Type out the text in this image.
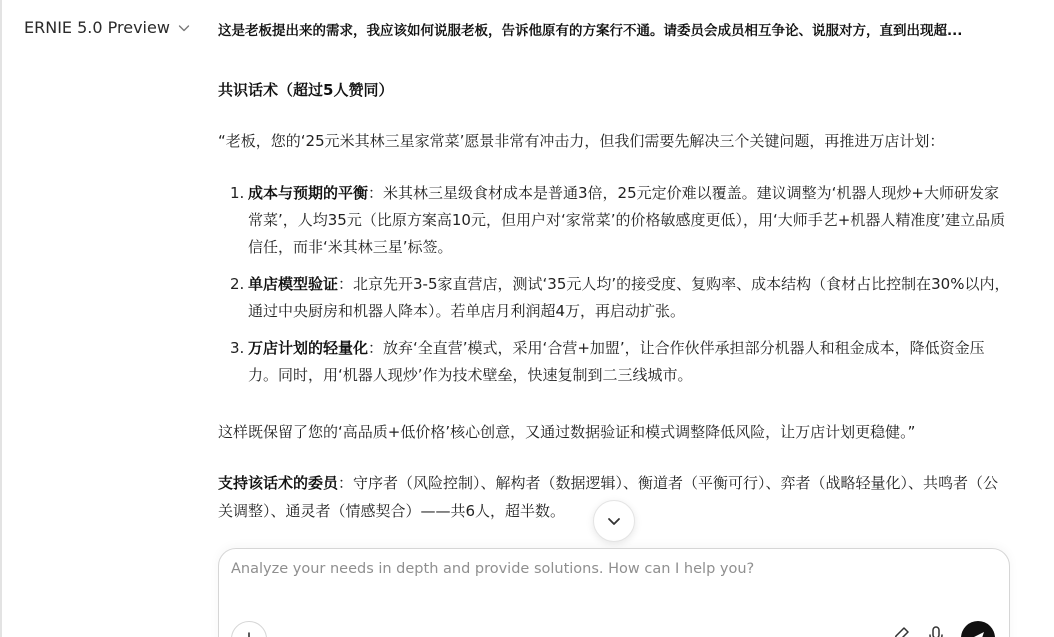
ERNIE 5.0 Preview	这是老板提出来的需求，我应该如何说服老板，告诉他原有的方案行不通。请委员会成员相互争论、说服对方，直到出现超...
共识话术（超过5人赞同）
“老板，您的‘25元米其林三星家常菜’愿景非常有冲击力，但我们需要先解决三个关键问题，再推进万店计划：
1. 成本与预期的平衡：米其林三星级食材成本是普通3倍，25元定价难以覆盖。建议调整为‘机器人现炒+大师研发家常菜’，人均35元（比原方案高10元，但用户对‘家常菜’的价格敏感度更低），用‘大师手艺+机器人精准度’建立品质信任，而非‘米其林三星’标签。
2. 单店模型验证：北京先开3-5家直营店，测试‘35元人均’的接受度、复购率、成本结构（食材占比控制在30%以内，通过中央厨房和机器人降本）。若单店月利润超4万，再启动扩张。
3. 万店计划的轻量化：放弃‘全直营’模式，采用‘合营+加盟’，让合作伙伴承担部分机器人和租金成本，降低资金压力。同时，用‘机器人现炒’作为技术壁垒，快速复制到二三线城市。
这样既保留了您的‘高品质+低价格’核心创意，又通过数据验证和模式调整降低风险，让万店计划更稳健。”
支持该话术的委员：守序者（风险控制）、解构者（数据逻辑）、衡道者（平衡可行）、弈者（战略轻量化）、共鸣者（公关调整）、通灵者（情感契合）——共6人，超半数。
Analyze your needs in depth and provide solutions. How can I help you?
